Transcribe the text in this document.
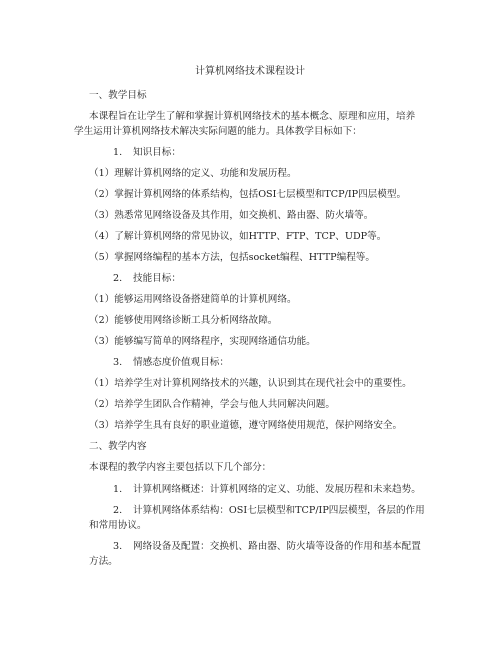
计算机网络技术课程设计
一、教学目标
本课程旨在让学生了解和掌握计算机网络技术的基本概念、原理和应用，培养
学生运用计算机网络技术解决实际问题的能力。具体教学目标如下：
1. 知识目标：
（1）理解计算机网络的定义、功能和发展历程。
（2）掌握计算机网络的体系结构，包括OSI七层模型和TCP/IP四层模型。
（3）熟悉常见网络设备及其作用，如交换机、路由器、防火墙等。
（4）了解计算机网络的常见协议，如HTTP、FTP、TCP、UDP等。
（5）掌握网络编程的基本方法，包括socket编程、HTTP编程等。
2. 技能目标：
（1）能够运用网络设备搭建简单的计算机网络。
（2）能够使用网络诊断工具分析网络故障。
（3）能够编写简单的网络程序，实现网络通信功能。
3. 情感态度价值观目标：
（1）培养学生对计算机网络技术的兴趣，认识到其在现代社会中的重要性。
（2）培养学生团队合作精神，学会与他人共同解决问题。
（3）培养学生具有良好的职业道德，遵守网络使用规范，保护网络安全。
二、教学内容
本课程的教学内容主要包括以下几个部分：
1. 计算机网络概述：计算机网络的定义、功能、发展历程和未来趋势。
2. 计算机网络体系结构：OSI七层模型和TCP/IP四层模型，各层的作用
和常用协议。
3. 网络设备及配置：交换机、路由器、防火墙等设备的作用和基本配置
方法。
